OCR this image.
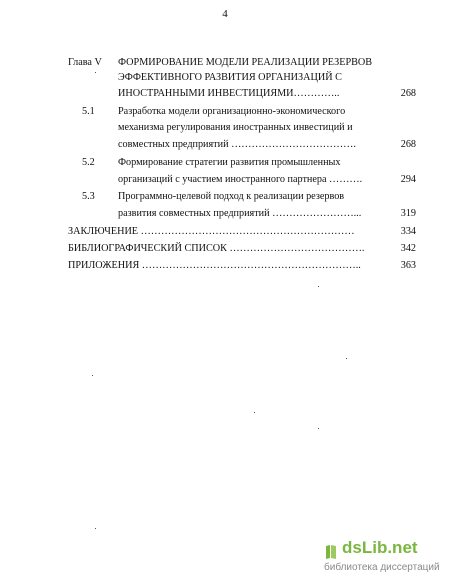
4
Глава V ФОРМИРОВАНИЕ МОДЕЛИ РЕАЛИЗАЦИИ РЕЗЕРВОВ
ЭФФЕКТИВНОГО РАЗВИТИЯ ОРГАНИЗАЦИЙ С
ИНОСТРАННЫМИ ИНВЕСТИЦИЯМИ…………..	268
5.1 Разработка модели организационно-экономического
механизма регулирования иностранных инвестиций и
совместных предприятий ……………………………….	268
5.2 Формирование стратегии развития промышленных
организаций с участием иностранного партнера ……….	294
5.3 Программно-целевой подход к реализации резервов
развития совместных предприятий ……………………...	319
ЗАКЛЮЧЕНИЕ ………………………………………………………	334
БИБЛИОГРАФИЧЕСКИЙ СПИСОК ………………………………….	342
ПРИЛОЖЕНИЯ ………………………………………………………..	363
dsLib.net
библиотека диссертаций
